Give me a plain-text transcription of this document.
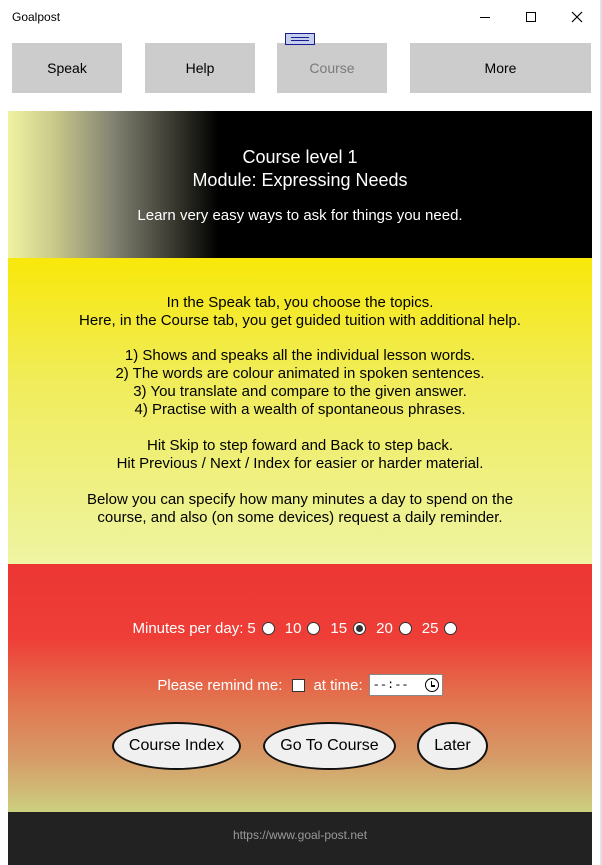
Goalpost
Speak	Help	Course	More
Course level 1
Module: Expressing Needs
Learn very easy ways to ask for things you need.

In the Speak tab, you choose the topics.

Here, in the Course tab, you get guided tuition with additional help.

1) Shows and speaks all the individual lesson words.

2) The words are colour animated in spoken sentences.

3) You translate and compare to the given answer.

4) Practise with a wealth of spontaneous phrases.

Hit Skip to step foward and Back to step back.

Hit Previous / Next / Index for easier or harder material.

Below you can specify how many minutes a day to spend on the

course, and also (on some devices) request a daily reminder.

Minutes per day: 5 10 15 20 25
Please remind me: at time: --:--
Course Index	Go To Course	Later
https://www.goal-post.net
